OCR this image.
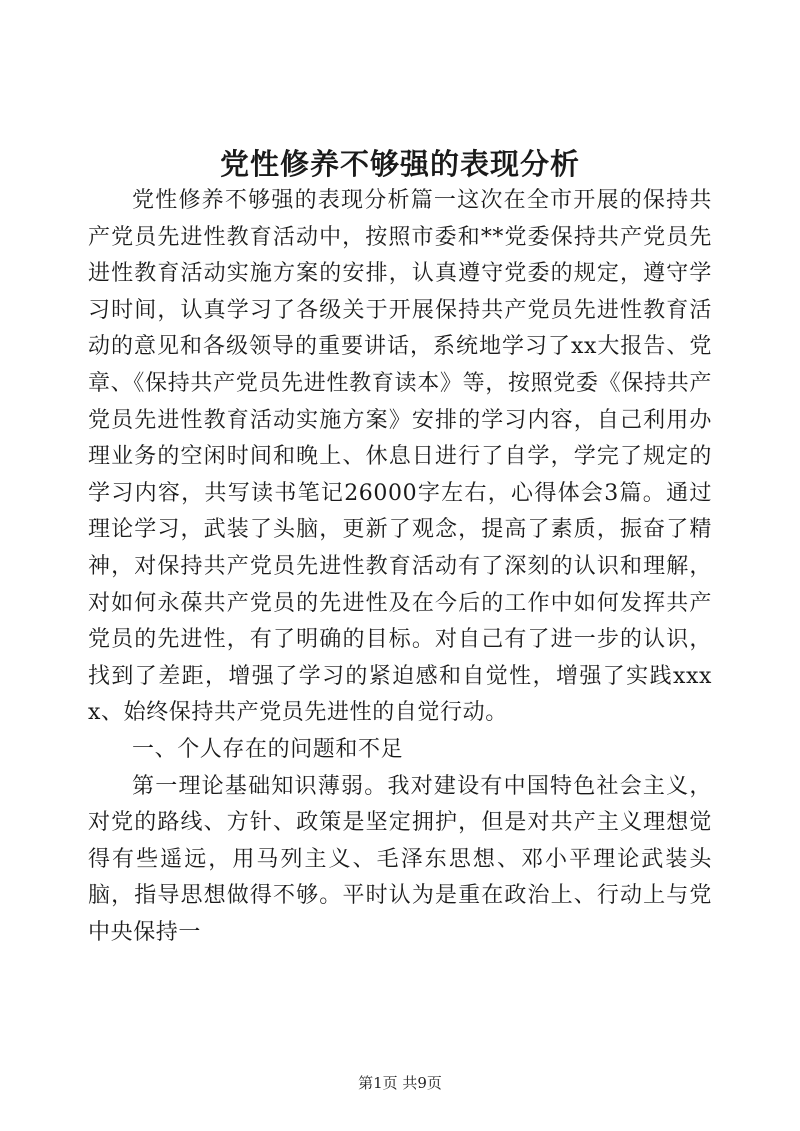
党性修养不够强的表现分析

党性修养不够强的表现分析篇一这次在全市开展的保持共产党员先进性教育活动中，按照市委和**党委保持共产党员先进性教育活动实施方案的安排，认真遵守党委的规定，遵守学习时间，认真学习了各级关于开展保持共产党员先进性教育活动的意见和各级领导的重要讲话，系统地学习了xx大报告、党章、《保持共产党员先进性教育读本》等，按照党委《保持共产党员先进性教育活动实施方案》安排的学习内容，自己利用办理业务的空闲时间和晚上、休息日进行了自学，学完了规定的学习内容，共写读书笔记26000字左右，心得体会3篇。通过理论学习，武装了头脑，更新了观念，提高了素质，振奋了精神，对保持共产党员先进性教育活动有了深刻的认识和理解，对如何永葆共产党员的先进性及在今后的工作中如何发挥共产党员的先进性，有了明确的目标。对自己有了进一步的认识，找到了差距，增强了学习的紧迫感和自觉性，增强了实践xxxx、始终保持共产党员先进性的自觉行动。

一、个人存在的问题和不足

第一理论基础知识薄弱。我对建设有中国特色社会主义，对党的路线、方针、政策是坚定拥护，但是对共产主义理想觉得有些遥远，用马列主义、毛泽东思想、邓小平理论武装头脑，指导思想做得不够。平时认为是重在政治上、行动上与党中央保持一

第1页 共9页
